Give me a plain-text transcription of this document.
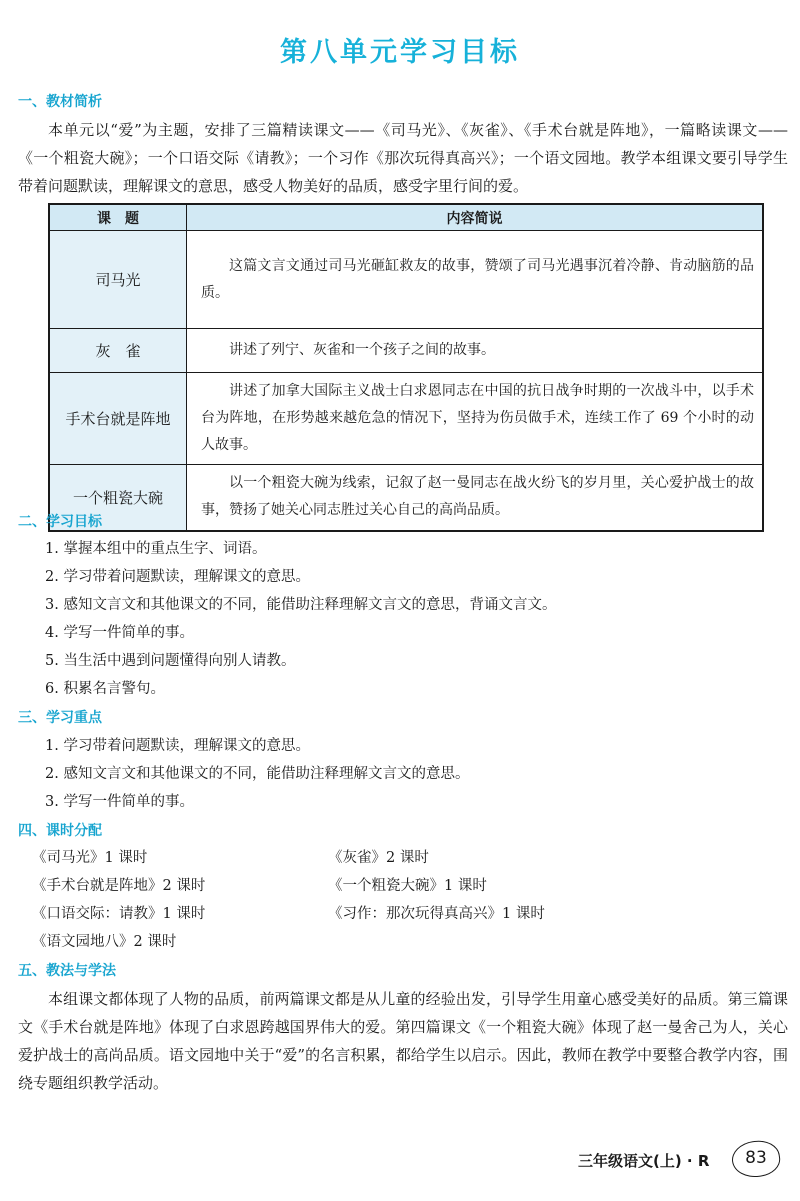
第八单元学习目标
一、教材简析
本单元以“爱”为主题，安排了三篇精读课文——《司马光》、《灰雀》、《手术台就是阵地》，一篇略读课文——《一个粗瓷大碗》；一个口语交际《请教》；一个习作《那次玩得真高兴》；一个语文园地。教学本组课文要引导学生带着问题默读，理解课文的意思，感受人物美好的品质，感受字里行间的爱。
课　题	内容简说
司马光	这篇文言文通过司马光砸缸救友的故事，赞颂了司马光遇事沉着冷静、肯动脑筋的品质。
灰　雀	讲述了列宁、灰雀和一个孩子之间的故事。
手术台就是阵地	讲述了加拿大国际主义战士白求恩同志在中国的抗日战争时期的一次战斗中，以手术台为阵地，在形势越来越危急的情况下，坚持为伤员做手术，连续工作了 69 个小时的动人故事。
一个粗瓷大碗	以一个粗瓷大碗为线索，记叙了赵一曼同志在战火纷飞的岁月里，关心爱护战士的故事，赞扬了她关心同志胜过关心自己的高尚品质。
二、学习目标
1. 掌握本组中的重点生字、词语。
2. 学习带着问题默读，理解课文的意思。
3. 感知文言文和其他课文的不同，能借助注释理解文言文的意思，背诵文言文。
4. 学写一件简单的事。
5. 当生活中遇到问题懂得向别人请教。
6. 积累名言警句。
三、学习重点
1. 学习带着问题默读，理解课文的意思。
2. 感知文言文和其他课文的不同，能借助注释理解文言文的意思。
3. 学写一件简单的事。
四、课时分配
《司马光》1 课时	《灰雀》2 课时
《手术台就是阵地》2 课时	《一个粗瓷大碗》1 课时
《口语交际：请教》1 课时	《习作：那次玩得真高兴》1 课时
《语文园地八》2 课时
五、教法与学法
本组课文都体现了人物的品质，前两篇课文都是从儿童的经验出发，引导学生用童心感受美好的品质。第三篇课文《手术台就是阵地》体现了白求恩跨越国界伟大的爱。第四篇课文《一个粗瓷大碗》体现了赵一曼舍己为人，关心爱护战士的高尚品质。语文园地中关于“爱”的名言积累，都给学生以启示。因此，教师在教学中要整合教学内容，围绕专题组织教学活动。
三年级语文(上) · R	83
